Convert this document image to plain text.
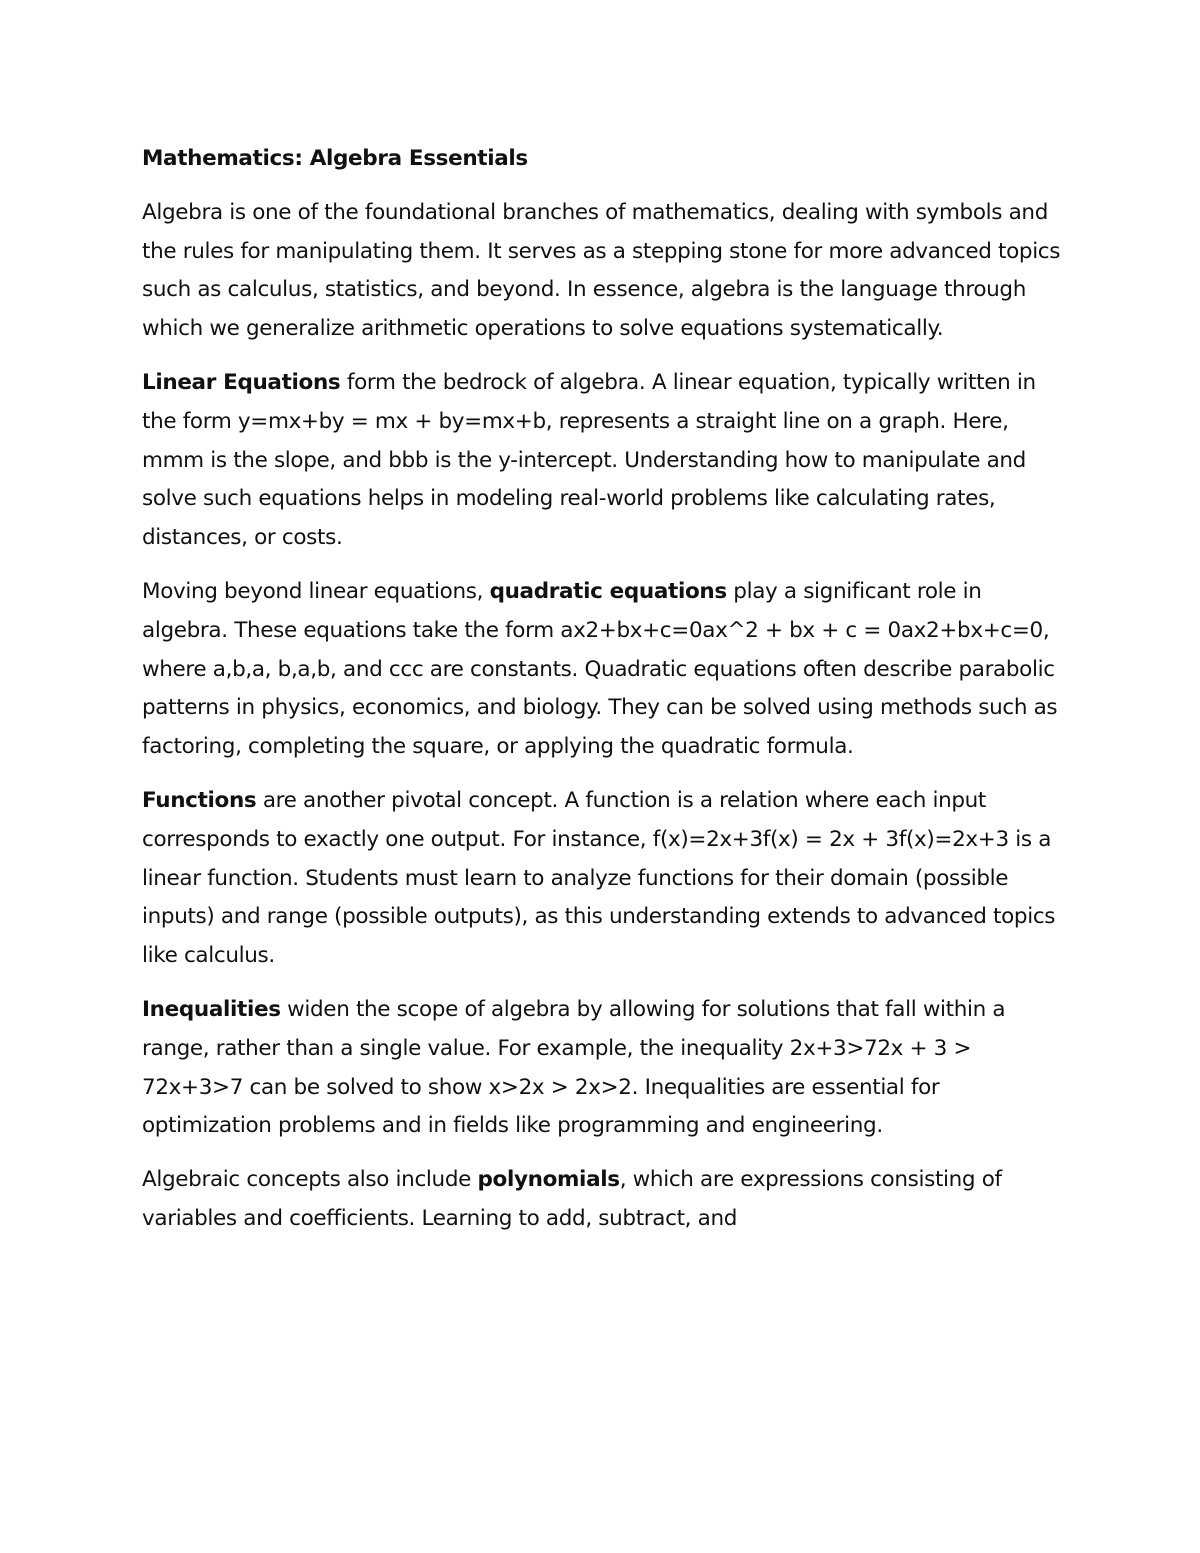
Mathematics: Algebra Essentials

Algebra is one of the foundational branches of mathematics, dealing with symbols and the rules for manipulating them. It serves as a stepping stone for more advanced topics such as calculus, statistics, and beyond. In essence, algebra is the language through which we generalize arithmetic operations to solve equations systematically.

Linear Equations form the bedrock of algebra. A linear equation, typically written in the form y=mx+by = mx + by=mx+b, represents a straight line on a graph. Here, mmm is the slope, and bbb is the y-intercept. Understanding how to manipulate and solve such equations helps in modeling real-world problems like calculating rates, distances, or costs.

Moving beyond linear equations, quadratic equations play a significant role in algebra. These equations take the form ax2+bx+c=0ax^2 + bx + c = 0ax2+bx+c=0, where a,b,a, b,a,b, and ccc are constants. Quadratic equations often describe parabolic patterns in physics, economics, and biology. They can be solved using methods such as factoring, completing the square, or applying the quadratic formula.

Functions are another pivotal concept. A function is a relation where each input corresponds to exactly one output. For instance, f(x)=2x+3f(x) = 2x + 3f(x)=2x+3 is a linear function. Students must learn to analyze functions for their domain (possible inputs) and range (possible outputs), as this understanding extends to advanced topics like calculus.

Inequalities widen the scope of algebra by allowing for solutions that fall within a range, rather than a single value. For example, the inequality 2x+3>72x + 3 > 72x+3>7 can be solved to show x>2x > 2x>2. Inequalities are essential for optimization problems and in fields like programming and engineering.

Algebraic concepts also include polynomials, which are expressions consisting of variables and coefficients. Learning to add, subtract, and
